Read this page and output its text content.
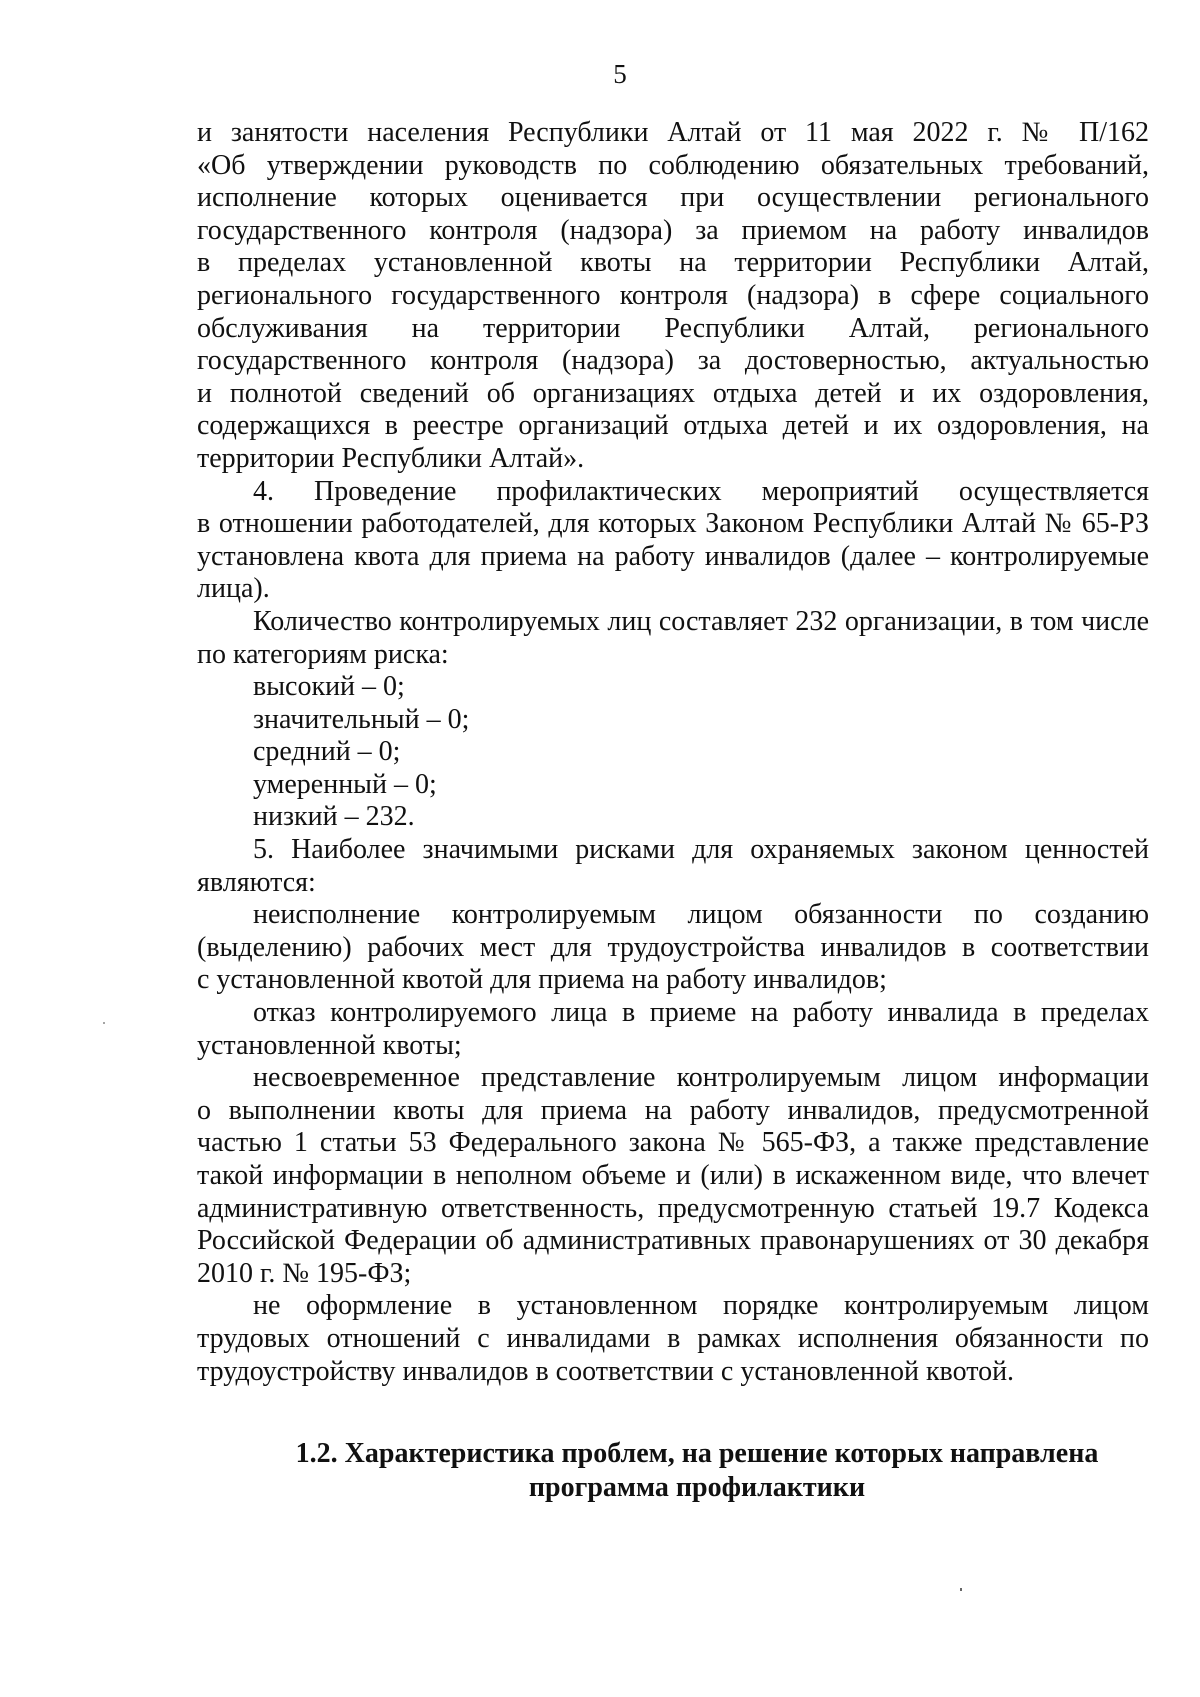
5

и занятости населения Республики Алтай от 11 мая 2022 г. № П/162

«Об утверждении руководств по соблюдению обязательных требований,

исполнение которых оценивается при осуществлении регионального

государственного контроля (надзора) за приемом на работу инвалидов

в пределах установленной квоты на территории Республики Алтай,

регионального государственного контроля (надзора) в сфере социального

обслуживания на территории Республики Алтай, регионального

государственного контроля (надзора) за достоверностью, актуальностью

и полнотой сведений об организациях отдыха детей и их оздоровления,

содержащихся в реестре организаций отдыха детей и их оздоровления, на

территории Республики Алтай».

4. Проведение профилактических мероприятий осуществляется

в отношении работодателей, для которых Законом Республики Алтай № 65-РЗ

установлена квота для приема на работу инвалидов (далее – контролируемые

лица).

Количество контролируемых лиц составляет 232 организации, в том числе

по категориям риска:

высокий – 0;

значительный – 0;

средний – 0;

умеренный – 0;

низкий – 232.

5. Наиболее значимыми рисками для охраняемых законом ценностей

являются:

неисполнение контролируемым лицом обязанности по созданию

(выделению) рабочих мест для трудоустройства инвалидов в соответствии

с установленной квотой для приема на работу инвалидов;

отказ контролируемого лица в приеме на работу инвалида в пределах

установленной квоты;

несвоевременное представление контролируемым лицом информации

о выполнении квоты для приема на работу инвалидов, предусмотренной

частью 1 статьи 53 Федерального закона № 565-ФЗ, а также представление

такой информации в неполном объеме и (или) в искаженном виде, что влечет

административную ответственность, предусмотренную статьей 19.7 Кодекса

Российской Федерации об административных правонарушениях от 30 декабря

2010 г. № 195-ФЗ;

не оформление в установленном порядке контролируемым лицом

трудовых отношений с инвалидами в рамках исполнения обязанности по

трудоустройству инвалидов в соответствии с установленной квотой.

1.2. Характеристика проблем, на решение которых направлена

программа профилактики
